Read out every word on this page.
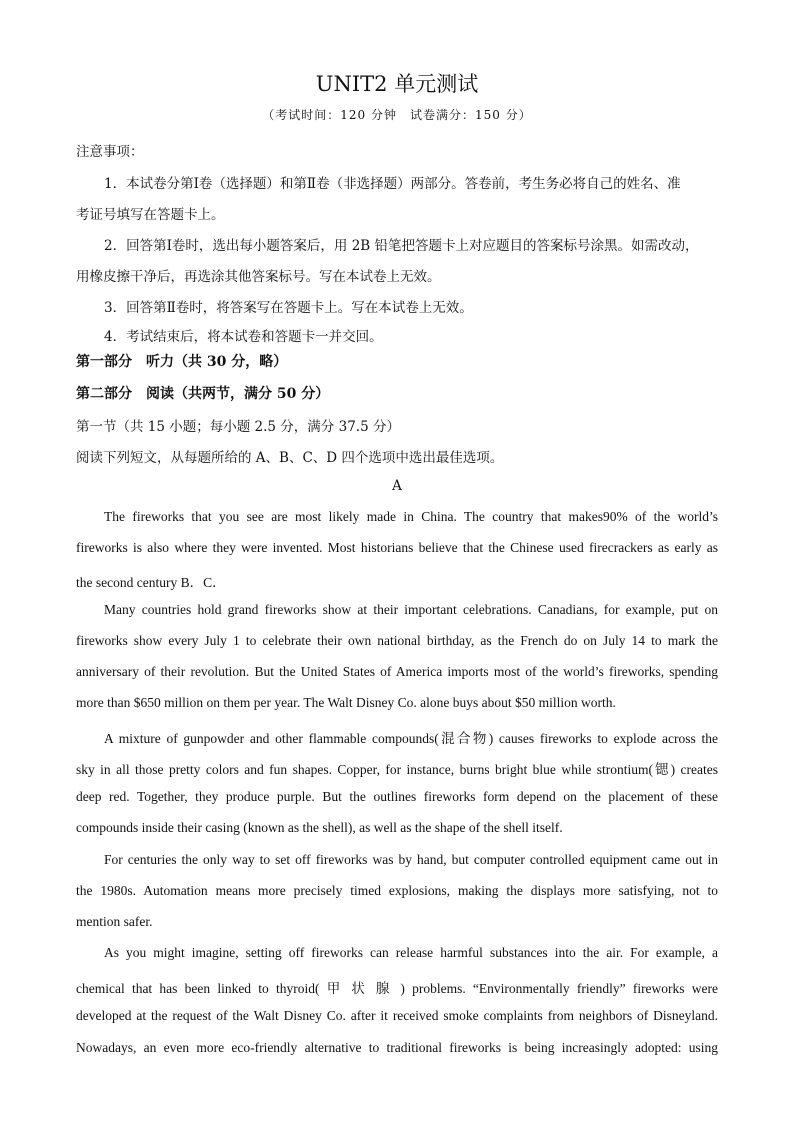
UNIT2 单元测试
（考试时间：120 分钟　试卷满分：150 分）
注意事项：
1．本试卷分第Ⅰ卷（选择题）和第Ⅱ卷（非选择题）两部分。答卷前，考生务必将自己的姓名、准
考证号填写在答题卡上。
2．回答第Ⅰ卷时，选出每小题答案后，用 2B 铅笔把答题卡上对应题目的答案标号涂黑。如需改动，
用橡皮擦干净后，再选涂其他答案标号。写在本试卷上无效。
3．回答第Ⅱ卷时，将答案写在答题卡上。写在本试卷上无效。
4．考试结束后，将本试卷和答题卡一并交回。
第一部分　听力（共 30 分，略）
第二部分　阅读（共两节，满分 50 分）
第一节（共 15 小题；每小题 2.5 分，满分 37.5 分）
阅读下列短文，从每题所给的 A、B、C、D 四个选项中选出最佳选项。
A
The fireworks that you see are most likely made in China. The country that makes90% of the world’s
fireworks is also where they were invented. Most historians believe that the Chinese used firecrackers as early as
the second century B．C．
Many countries hold grand fireworks show at their important celebrations. Canadians, for example, put on
fireworks show every July 1 to celebrate their own national birthday, as the French do on July 14 to mark the
anniversary of their revolution. But the United States of America imports most of the world’s fireworks, spending
more than $650 million on them per year. The Walt Disney Co. alone buys about $50 million worth.
A mixture of gunpowder and other flammable compounds(混合物) causes fireworks to explode across the
sky in all those pretty colors and fun shapes. Copper, for instance, burns bright blue while strontium(锶) creates
deep red. Together, they produce purple. But the outlines fireworks form depend on the placement of these
compounds inside their casing (known as the shell), as well as the shape of the shell itself.
For centuries the only way to set off fireworks was by hand, but computer controlled equipment came out in
the 1980s. Automation means more precisely timed explosions, making the displays more satisfying, not to
mention safer.
As you might imagine, setting off fireworks can release harmful substances into the air. For example, a
chemical that has been linked to thyroid( 甲 状 腺 ) problems. “Environmentally friendly” fireworks were
developed at the request of the Walt Disney Co. after it received smoke complaints from neighbors of Disneyland.
Nowadays, an even more eco-friendly alternative to traditional fireworks is being increasingly adopted: using
